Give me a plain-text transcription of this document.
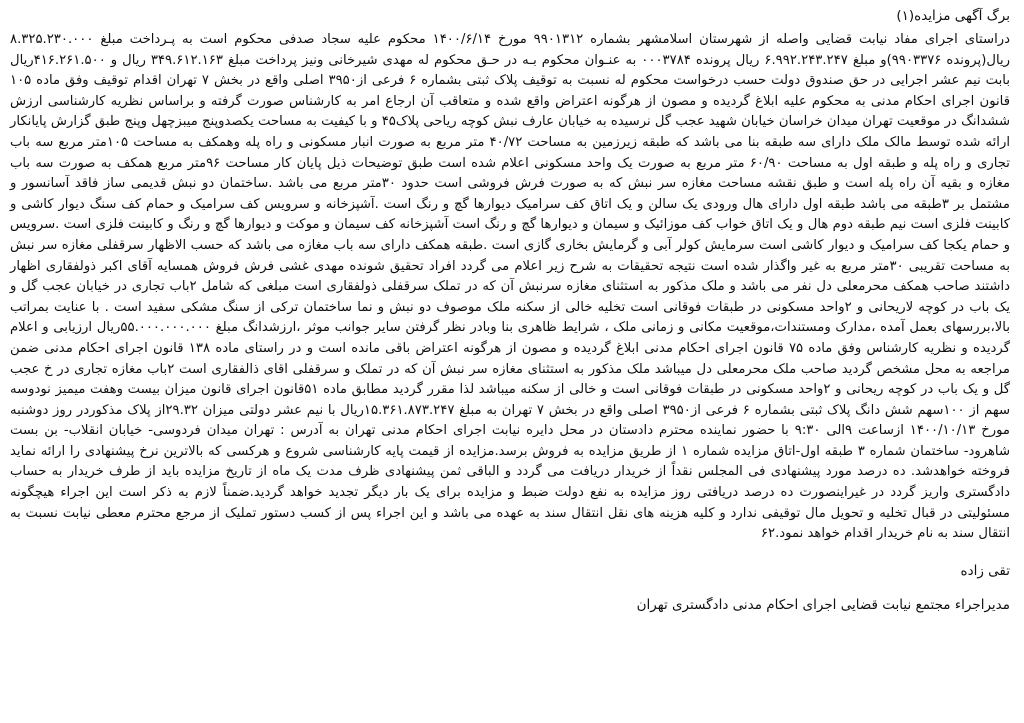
برگ آگهی مزایده(۱)

دراستای اجرای مفاد نیابت قضایی واصله از شهرستان اسلامشهر بشماره ۹۹۰۱۳۱۲ مورخ ۱۴۰۰/۶/۱۴ محکوم علیه سجاد صدفی محکوم است به پـرداخت مبلغ ۸.۳۲۵.۲۳۰.۰۰۰ ریال(پرونده ۹۹۰۳۳۷۶)و مبلغ ۶.۹۹۲.۲۴۳.۲۴۷ ریال پرونده ۰۰۰۳۷۸۴ به عنـوان محکوم بـه در حـق محکوم له مهدی شیرخانی ونیز پرداخت مبلغ ۳۴۹.۶۱۲.۱۶۳ ریال و ۴۱۶.۲۶۱.۵۰۰ریال بابت نیم عشر اجرایی در حق صندوق دولت حسب درخواست محکوم له نسبت به توقیف پلاک ثبتی بشماره ۶ فرعی از۳۹۵۰ اصلی واقع در بخش ۷ تهران اقدام توقیف وفق ماده ۱۰۵ قانون اجرای احکام مدنی به محکوم علیه ابلاغ گردیده و مصون از هرگونه اعتراض واقع شده و متعاقب آن ارجاع امر به کارشناس صورت گرفته و براساس نظریه کارشناسی ارزش ششدانگ در موقعیت تهران میدان خراسان خیابان شهید عجب گل نرسیده به خیابان عارف نبش کوچه ریاحی پلاک۴۵ و با کیفیت به مساحت یکصدوپنج میبزچهل وپنج طبق گزارش پایانکار ارائه شده توسط مالک ملک دارای سه طبقه بنا می باشد که طبقه زیرزمین به مساحت ۴۰/۷۲ متر مربع به صورت انبار مسکونی و راه پله وهمکف به مساحت ۱۰۵متر مربع سه باب تجاری و راه پله و طبقه اول به مساحت ۶۰/۹۰ متر مربع به صورت یک واحد مسکونی اعلام شده است طبق توضیحات ذیل پایان کار مساحت ۹۶متر مربع همکف به صورت سه باب مغازه و بقیه آن راه پله است و طبق نقشه مساحت مغازه سر نبش که به صورت فرش فروشی است حدود ۳۰متر مربع می باشد .ساختمان دو نبش قدیمی ساز فاقد آسانسور و مشتمل بر ۳طبقه می باشد طبقه اول دارای هال ورودی یک سالن و یک اتاق کف سرامیک دیوارها گچ و رنگ است .آشپزخانه و سرویس کف سرامیک و حمام کف سنگ دیوار کاشی و کابینت فلزی است نیم طبقه دوم هال و یک اتاق خواب کف موزائیک و سیمان و دیوارها گچ و رنگ است آشپزخانه کف سیمان و موکت و دیوارها گچ و رنگ و کابینت فلزی است .سرویس و حمام یکجا کف سرامیک و دیوار کاشی است سرمایش کولر آبی و گرمایش بخاری گازی است .طبقه همکف دارای سه باب مغازه می باشد که حسب الاظهار سرقفلی مغازه سر نبش به مساحت تقریبی ۳۰متر مربع به غیر واگذار شده است نتیجه تحقیقات به شرح زیر اعلام می گردد افراد تحقیق شونده مهدی غشی فرش فروش همسایه آقای اکبر ذولفقاری اظهار داشتند صاحب همکف محرمعلی دل نفر می باشد و ملک مذکور به استثنای مغازه سرنبش آن که در تملک سرقفلی ذولفقاری است مبلغی که شامل ۲باب تجاری در خیابان عجب گل و یک باب در کوچه لاریحانی و ۲واحد مسکونی در طبقات فوقانی است تخلیه خالی از سکنه ملک موصوف دو نبش و نما ساختمان ترکی از سنگ مشکی سفید است . با عنایت بمراتب بالا،بررسهای بعمل آمده ،مدارک ومستندات،موقعیت مکانی و زمانی ملک ، شرایط ظاهری بنا وبادر نظر گرفتن سایر جوانب موثر ،ارزشدانگ مبلغ ۵۵.۰۰۰.۰۰۰.۰۰۰ریال ارزیابی و اعلام گردیده و نظریه کارشناس وفق ماده ۷۵ قانون اجرای احکام مدنی ابلاغ گردیده و مصون از هرگونه اعتراض باقی مانده است و در راستای ماده ۱۳۸ قانون اجرای احکام مدنی ضمن مراجعه به محل مشخص گردید صاحب ملک محرمعلی دل میباشد ملک مذکور به استثنای مغازه سر نبش آن که در تملک و سرقفلی اقای ذالفقاری است ۲باب مغازه تجاری در خ عجب گل و یک باب در کوچه ریحانی و ۲واحد مسکونی در طبقات فوقانی است و خالی از سکنه میباشد لذا مقرر گردید مطابق ماده ۵۱قانون اجرای قانون میزان بیست وهفت میمیز نودوسه سهم از ۱۰۰سهم شش دانگ پلاک ثبتی بشماره ۶ فرعی از۳۹۵۰ اصلی واقع در بخش ۷ تهران به مبلغ ۱۵.۳۶۱.۸۷۳.۲۴۷ریال با نیم عشر دولتی میزان ۲۹.۳۲از پلاک مذکوردر روز دوشنبه مورخ ۱۴۰۰/۱۰/۱۳ ازساعت ۹الی ۹:۳۰ با حضور نماینده محترم دادستان در محل دایره نیابت اجرای احکام مدنی تهران به آدرس : تهران میدان فردوسی- خیابان انقلاب- بن بست شاهرود- ساختمان شماره ۳ طبقه اول-اتاق مزایده شماره ۱ از طریق مزایده به فروش برسد.مزایده از قیمت پایه کارشناسی شروع و هرکسی که بالاترین نرخ پیشنهادی را ارائه نماید فروخته خواهدشد. ده درصد مورد پیشنهادی فی المجلس نقداً از خریدار دریافت می گردد و الباقی ثمن پیشنهادی ظرف مدت یک ماه از تاریخ مزایده باید از طرف خریدار به حساب دادگستری واریز گردد در غیراینصورت ده درصد دریافتی روز مزایده به نفع دولت ضبط و مزایده برای یک بار دیگر تجدید خواهد گردید.ضمناً لازم به ذکر است این اجراء هیچگونه مسئولیتی در قبال تخلیه و تحویل مال توقیفی ندارد و کلیه هزینه های نقل انتقال سند به عهده می باشد و این اجراء پس از کسب دستور تملیک از مرجع محترم معطی نیابت نسبت به انتقال سند به نام خریدار اقدام خواهد نمود.۶۲

تقی زاده
مدیراجراء مجتمع نیابت قضایی اجرای احکام مدنی دادگستری تهران
